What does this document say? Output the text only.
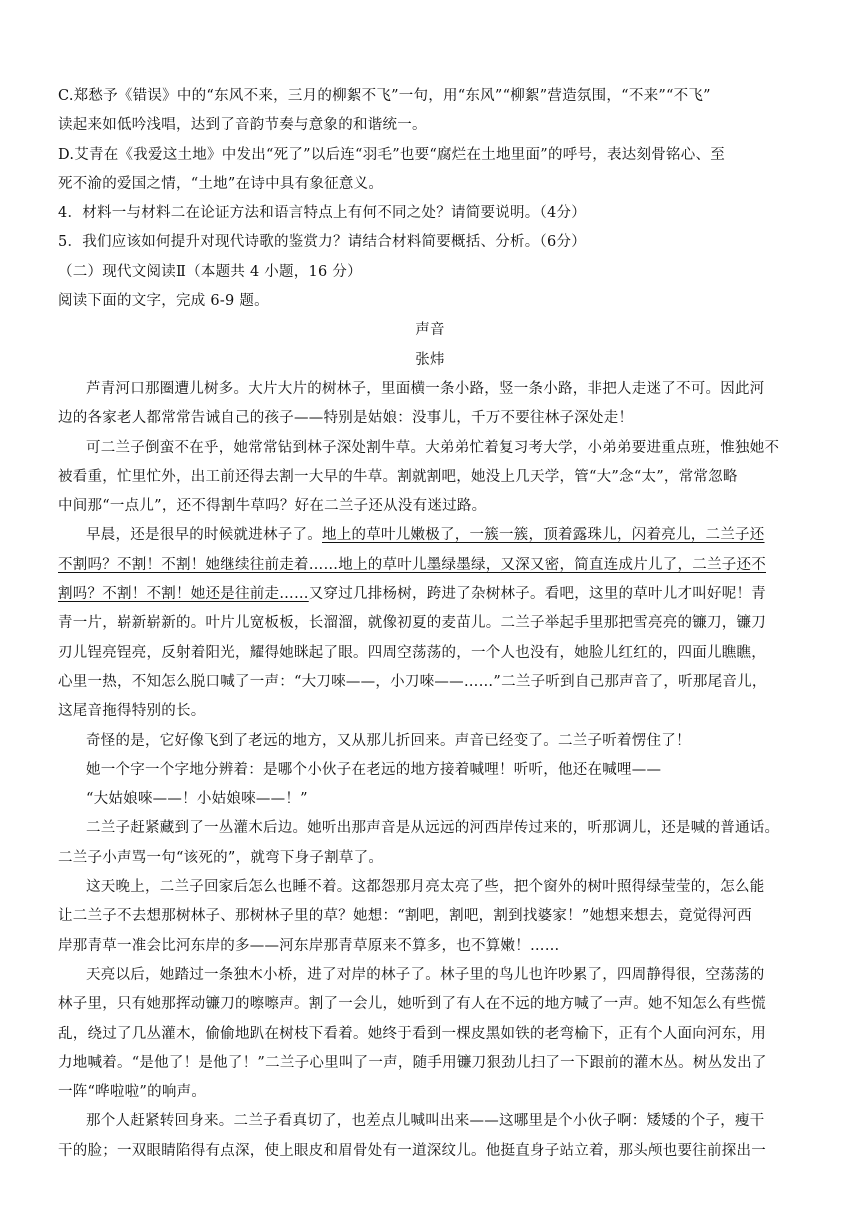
C.郑愁予《错误》中的“东风不来，三月的柳絮不飞”一句，用“东风”“柳絮”营造氛围，“不来”“不飞”
读起来如低吟浅唱，达到了音韵节奏与意象的和谐统一。
D.艾青在《我爱这土地》中发出“死了”以后连“羽毛”也要“腐烂在土地里面”的呼号，表达刻骨铭心、至
死不渝的爱国之情，“土地”在诗中具有象征意义。
4．材料一与材料二在论证方法和语言特点上有何不同之处？请简要说明。（4分）
5．我们应该如何提升对现代诗歌的鉴赏力？请结合材料简要概括、分析。（6分）
（二）现代文阅读Ⅱ（本题共 4 小题，16 分）
阅读下面的文字，完成 6-9 题。
声音
张炜
芦青河口那圈遭儿树多。大片大片的树林子，里面横一条小路，竖一条小路，非把人走迷了不可。因此河
边的各家老人都常常告诫自己的孩子——特别是姑娘：没事儿，千万不要往林子深处走！
可二兰子倒蛮不在乎，她常常钻到林子深处割牛草。大弟弟忙着复习考大学，小弟弟要进重点班，惟独她不
被看重，忙里忙外，出工前还得去割一大早的牛草。割就割吧，她没上几天学，管“大”念“太”，常常忽略
中间那“一点儿”，还不得割牛草吗？好在二兰子还从没有迷过路。
早晨，还是很早的时候就进林子了。地上的草叶儿嫩极了，一簇一簇，顶着露珠儿，闪着亮儿，二兰子还
不割吗？不割！不割！她继续往前走着……地上的草叶儿墨绿墨绿，又深又密，简直连成片儿了，二兰子还不
割吗？不割！不割！她还是往前走……又穿过几排杨树，跨进了杂树林子。看吧，这里的草叶儿才叫好呢！青
青一片，崭新崭新的。叶片儿宽板板，长溜溜，就像初夏的麦苗儿。二兰子举起手里那把雪亮亮的镰刀，镰刀
刃儿锃亮锃亮，反射着阳光，耀得她眯起了眼。四周空荡荡的，一个人也没有，她脸儿红红的，四面儿瞧瞧，
心里一热，不知怎么脱口喊了一声：“大刀唻——，小刀唻——……”二兰子听到自己那声音了，听那尾音儿，
这尾音拖得特别的长。
奇怪的是，它好像飞到了老远的地方，又从那儿折回来。声音已经变了。二兰子听着愣住了！
她一个字一个字地分辨着：是哪个小伙子在老远的地方接着喊哩！听听，他还在喊哩——
“大姑娘唻——！小姑娘唻——！”
二兰子赶紧藏到了一丛灌木后边。她听出那声音是从远远的河西岸传过来的，听那调儿，还是喊的普通话。
二兰子小声骂一句“该死的”，就弯下身子割草了。
这天晚上，二兰子回家后怎么也睡不着。这都怨那月亮太亮了些，把个窗外的树叶照得绿莹莹的，怎么能
让二兰子不去想那树林子、那树林子里的草？她想：“割吧，割吧，割到找婆家！”她想来想去，竟觉得河西
岸那青草一准会比河东岸的多——河东岸那青草原来不算多，也不算嫩！……
天亮以后，她踏过一条独木小桥，进了对岸的林子了。林子里的鸟儿也许吵累了，四周静得很，空荡荡的
林子里，只有她那挥动镰刀的嚓嚓声。割了一会儿，她听到了有人在不远的地方喊了一声。她不知怎么有些慌
乱，绕过了几丛灌木，偷偷地趴在树枝下看着。她终于看到一棵皮黑如铁的老弯榆下，正有个人面向河东，用
力地喊着。“是他了！是他了！”二兰子心里叫了一声，随手用镰刀狠劲儿扫了一下跟前的灌木丛。树丛发出了
一阵“哗啦啦”的响声。
那个人赶紧转回身来。二兰子看真切了，也差点儿喊叫出来——这哪里是个小伙子啊：矮矮的个子，瘦干
干的脸；一双眼睛陷得有点深，使上眼皮和眉骨处有一道深纹儿。他挺直身子站立着，那头颅也要往前探出一
